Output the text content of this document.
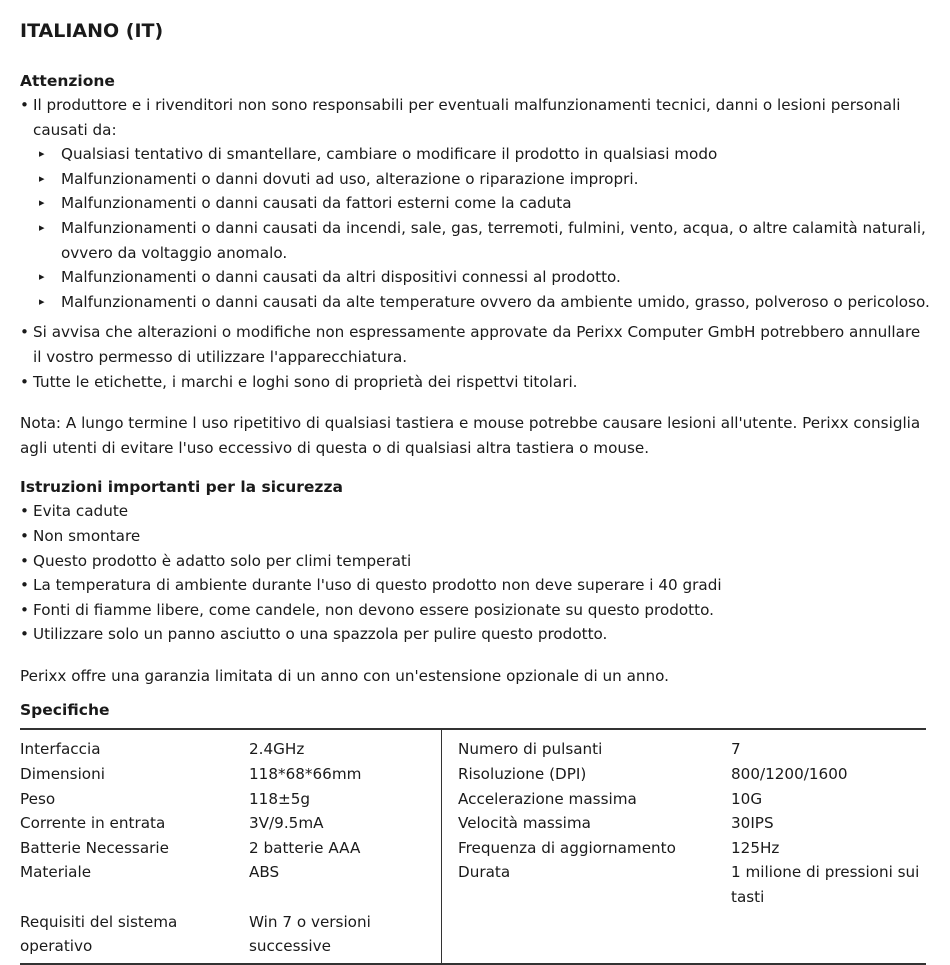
ITALIANO (IT)
Attenzione
• Il produttore e i rivenditori non sono responsabili per eventuali malfunzionamenti tecnici, danni o lesioni personali causati da:
▸ Qualsiasi tentativo di smantellare, cambiare o modificare il prodotto in qualsiasi modo
▸ Malfunzionamenti o danni dovuti ad uso, alterazione o riparazione impropri.
▸ Malfunzionamenti o danni causati da fattori esterni come la caduta
▸ Malfunzionamenti o danni causati da incendi, sale, gas, terremoti, fulmini, vento, acqua, o altre calamità naturali, ovvero da voltaggio anomalo.
▸ Malfunzionamenti o danni causati da altri dispositivi connessi al prodotto.
▸ Malfunzionamenti o danni causati da alte temperature ovvero da ambiente umido, grasso, polveroso o pericoloso.
• Si avvisa che alterazioni o modifiche non espressamente approvate da Perixx Computer GmbH potrebbero annullare il vostro permesso di utilizzare l'apparecchiatura.
• Tutte le etichette, i marchi e loghi sono di proprietà dei rispettvi titolari.
Nota: A lungo termine l uso ripetitivo di qualsiasi tastiera e mouse potrebbe causare lesioni all'utente. Perixx consiglia agli utenti di evitare l'uso eccessivo di questa o di qualsiasi altra tastiera o mouse.
Istruzioni importanti per la sicurezza
• Evita cadute
• Non smontare
• Questo prodotto è adatto solo per climi temperati
• La temperatura di ambiente durante l'uso di questo prodotto non deve superare i 40 gradi
• Fonti di fiamme libere, come candele, non devono essere posizionate su questo prodotto.
• Utilizzare solo un panno asciutto o una spazzola per pulire questo prodotto.
Perixx offre una garanzia limitata di un anno con un'estensione opzionale di un anno.
Specifiche
Interfaccia	2.4GHz		Numero di pulsanti	7
Dimensioni	118*68*66mm		Risoluzione (DPI)	800/1200/1600
Peso	118±5g		Accelerazione massima	10G
Corrente in entrata	3V/9.5mA		Velocità massima	30IPS
Batterie Necessarie	2 batterie AAA		Frequenza di aggiornamento	125Hz
Materiale	ABS		Durata	1 milione di pressioni sui tasti
Requisiti del sistema operativo	Win 7 o versioni successive			
